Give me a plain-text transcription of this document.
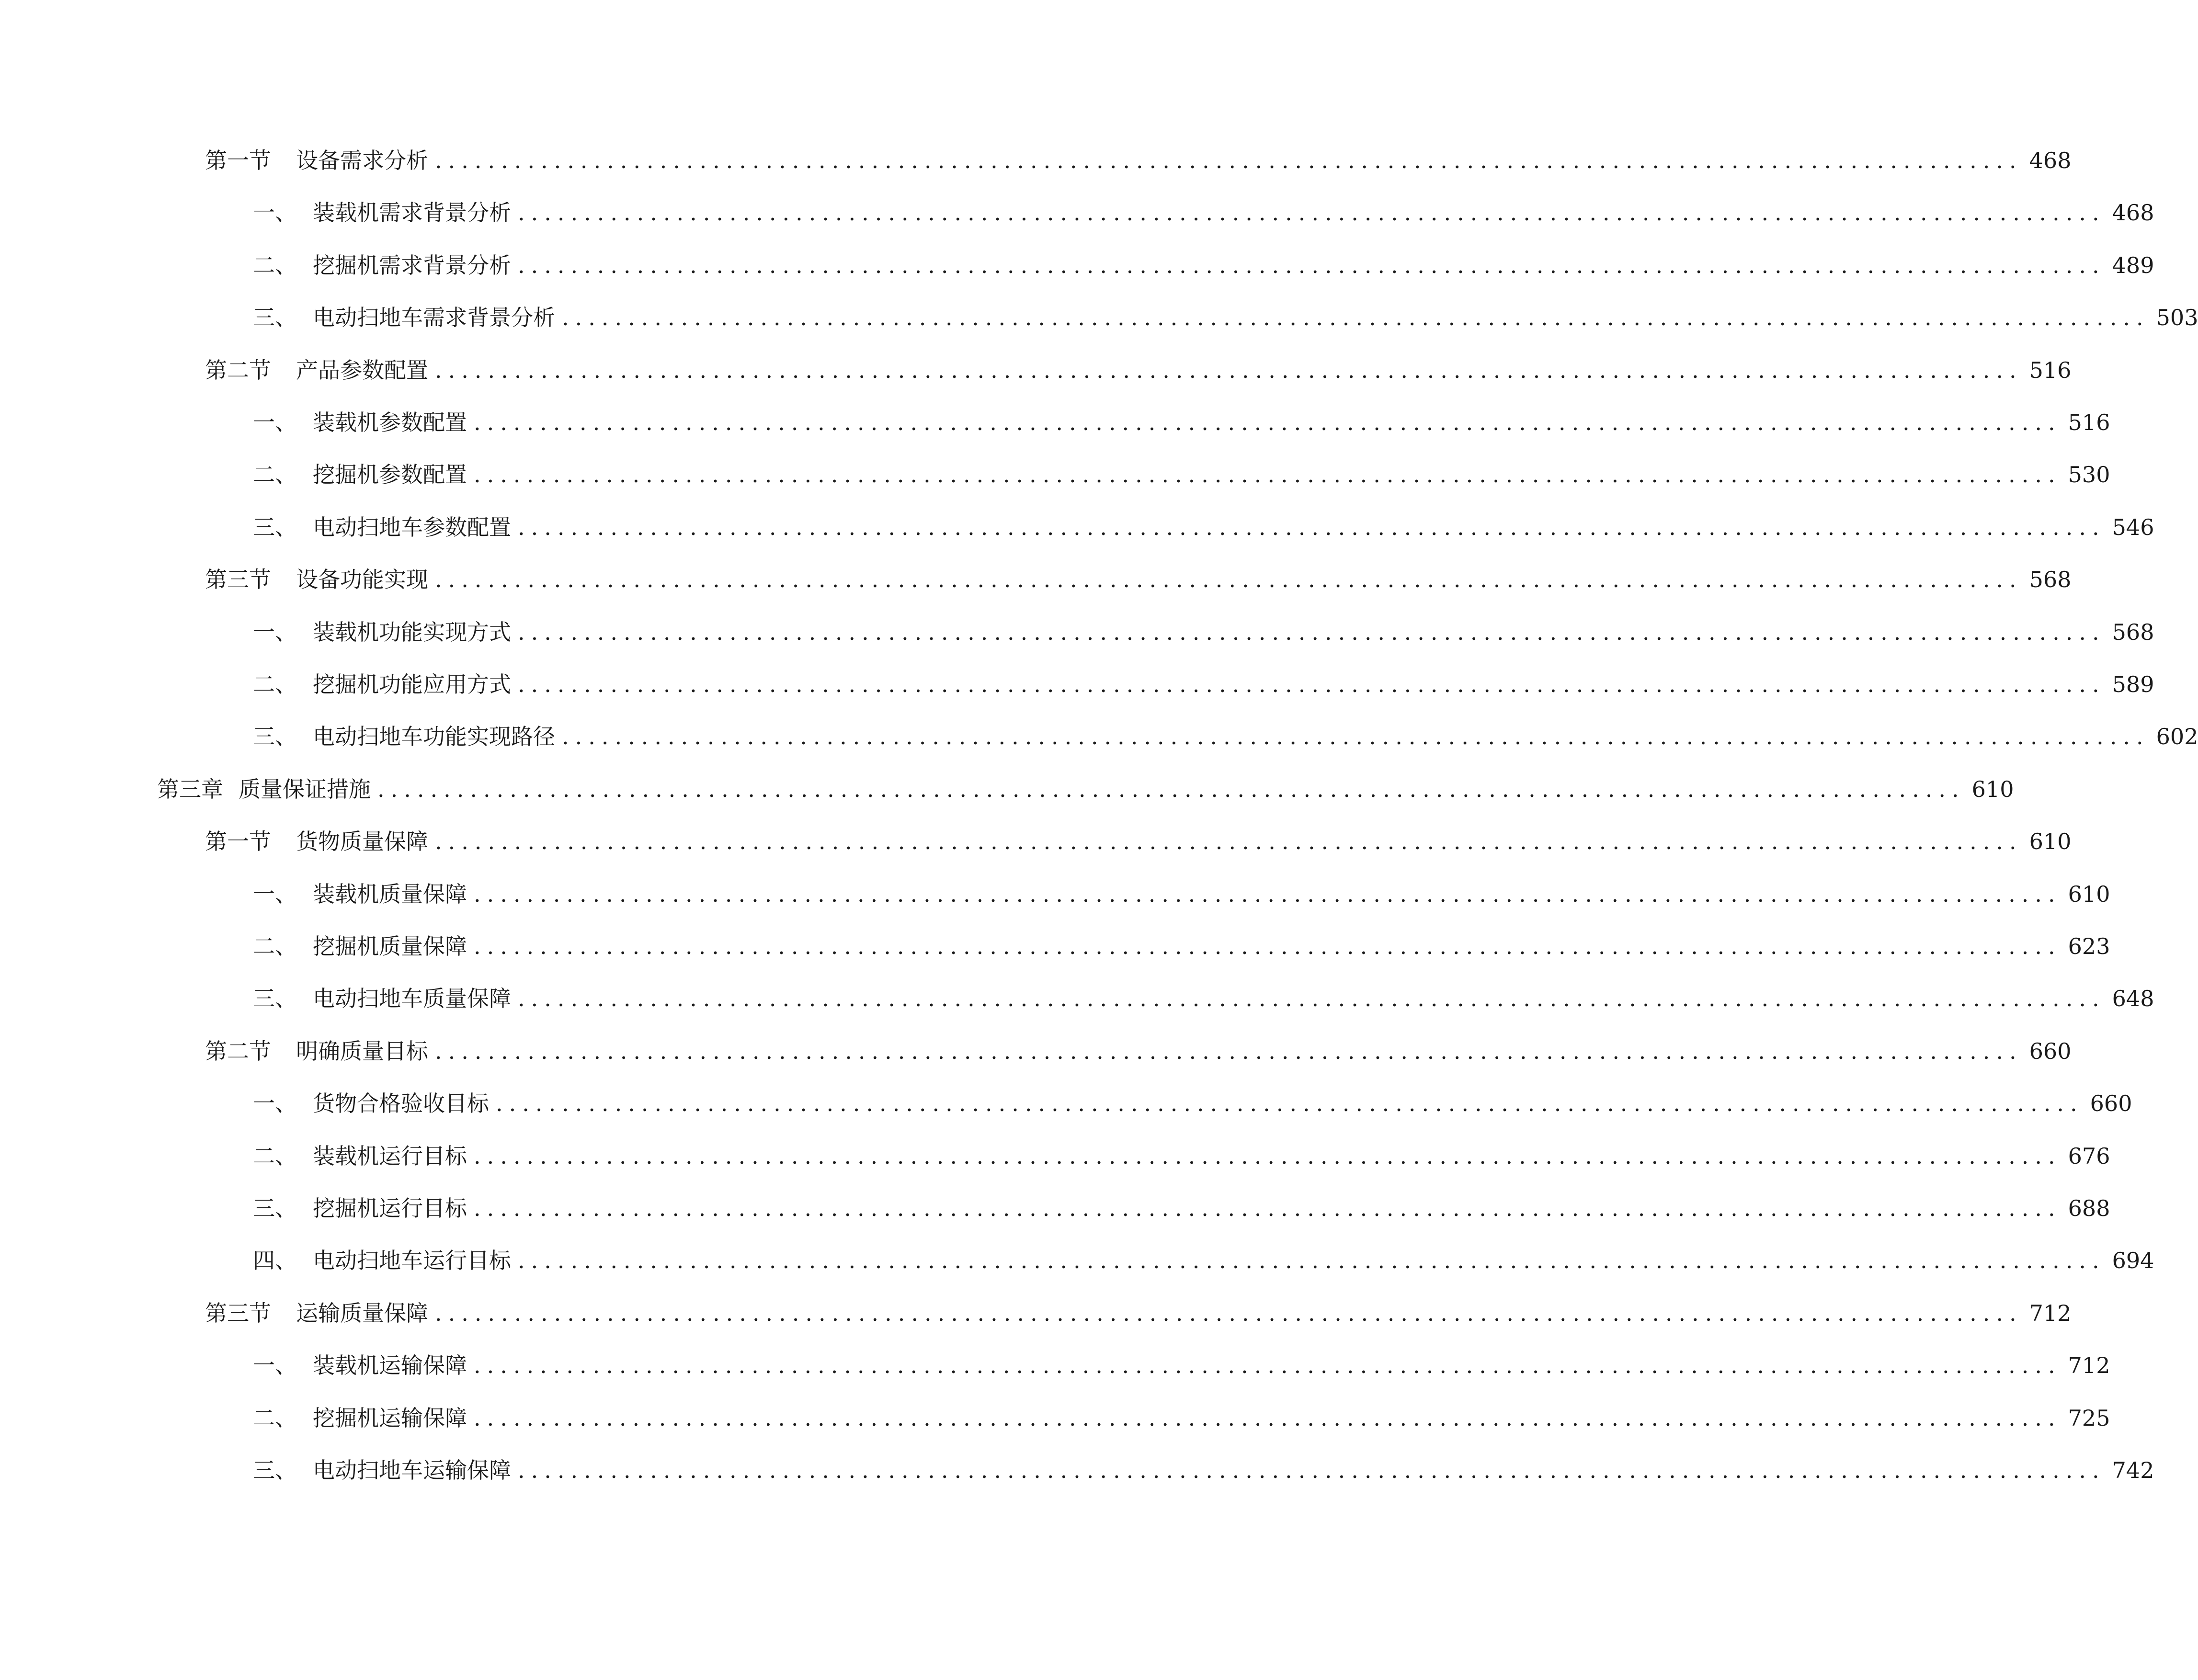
第一节	设备需求分析 ........................................................................................................................ 468
一、 装载机需求背景分析 ........................................................................................................................ 468
二、 挖掘机需求背景分析 ........................................................................................................................ 489
三、 电动扫地车需求背景分析 ........................................................................................................................ 503
第二节	产品参数配置 ........................................................................................................................ 516
一、 装载机参数配置 ........................................................................................................................ 516
二、 挖掘机参数配置 ........................................................................................................................ 530
三、 电动扫地车参数配置 ........................................................................................................................ 546
第三节	设备功能实现 ........................................................................................................................ 568
一、 装载机功能实现方式 ........................................................................................................................ 568
二、 挖掘机功能应用方式 ........................................................................................................................ 589
三、 电动扫地车功能实现路径 ........................................................................................................................ 602
第三章 质量保证措施 ........................................................................................................................ 610
第一节	货物质量保障 ........................................................................................................................ 610
一、 装载机质量保障 ........................................................................................................................ 610
二、 挖掘机质量保障 ........................................................................................................................ 623
三、 电动扫地车质量保障 ........................................................................................................................ 648
第二节	明确质量目标 ........................................................................................................................ 660
一、 货物合格验收目标 ........................................................................................................................ 660
二、 装载机运行目标 ........................................................................................................................ 676
三、 挖掘机运行目标 ........................................................................................................................ 688
四、 电动扫地车运行目标 ........................................................................................................................ 694
第三节	运输质量保障 ........................................................................................................................ 712
一、 装载机运输保障 ........................................................................................................................ 712
二、 挖掘机运输保障 ........................................................................................................................ 725
三、 电动扫地车运输保障 ........................................................................................................................ 742
